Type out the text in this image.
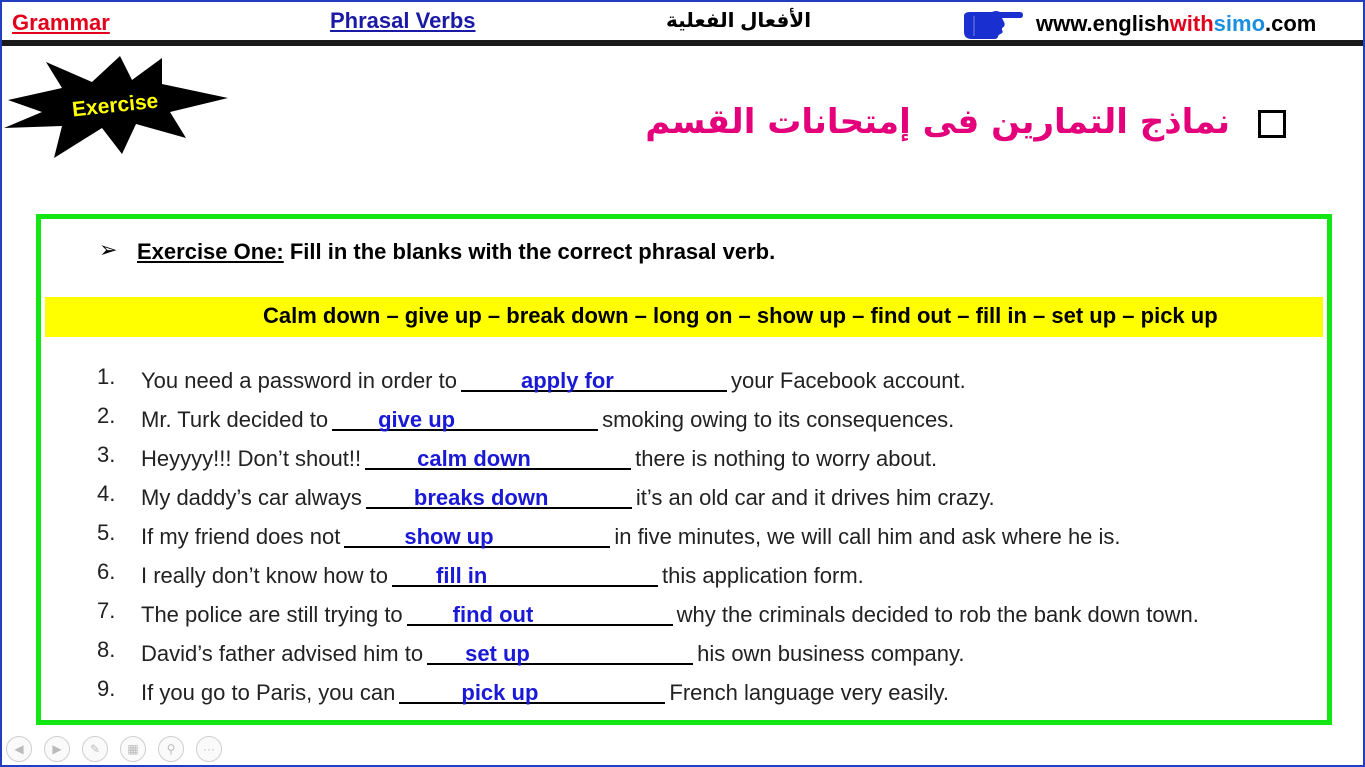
Grammar	Phrasal Verbs	الأفعال الفعلية	www.englishwithsimo.com
Exercise	نماذج التمارين فى إمتحانات القسم
➢ Exercise One: Fill in the blanks with the correct phrasal verb.
Calm down – give up – break down – long on – show up – find out – fill in – set up – pick up
1.	You need a password in order to	apply for	your Facebook account.
2.	Mr. Turk decided to give up	smoking owing to its consequences.
3.	Heyyyy!!! Don’t shout!!	calm down	there is nothing to worry about.
4.	My daddy’s car always breaks down	it’s an old car and it drives him crazy.
5.	If my friend does not	show up	in five minutes, we will call him and ask where he is.
6.	I really don’t know how to fill in	this application form.
7.	The police are still trying to find out	why the criminals decided to rob the bank down town.
8.	David’s father advised him to set up	his own business company.
9.	If you go to Paris, you can	pick up	French language very easily.
◀	▶	✎	▦	⚲	···
